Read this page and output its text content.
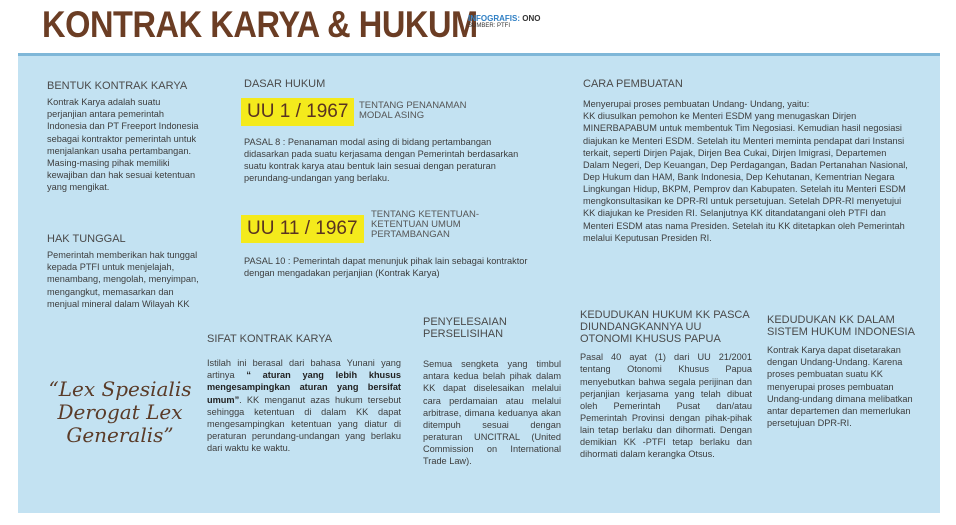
KONTRAK KARYA & HUKUM
INFOGRAFIS: ONO
SUMBER: PTFI
BENTUK KONTRAK KARYA
Kontrak Karya adalah suatu perjanjian antara pemerintah Indonesia dan PT Freeport Indonesia sebagai kontraktor pemerintah untuk menjalankan usaha pertambangan. Masing-masing pihak memiliki kewajiban dan hak sesuai ketentuan yang mengikat.
HAK TUNGGAL
Pemerintah memberikan hak tunggal kepada PTFI untuk menjelajah, menambang, mengolah, menyimpan, mengangkut, memasarkan dan menjual mineral dalam Wilayah KK
“Lex Spesialis Derogat Lex Generalis”
DASAR HUKUM
UU 1 / 1967	TENTANG PENANAMAN MODAL ASING
PASAL 8 : Penanaman modal asing di bidang pertambangan didasarkan pada suatu kerjasama dengan Pemerintah berdasarkan suatu kontrak karya atau bentuk lain sesuai dengan peraturan perundang-undangan yang berlaku.
UU 11 / 1967
TENTANG KETENTUAN-KETENTUAN UMUM PERTAMBANGAN
PASAL 10 : Pemerintah dapat menunjuk pihak lain sebagai kontraktor dengan mengadakan perjanjian (Kontrak Karya)
SIFAT KONTRAK KARYA
Istilah ini berasal dari bahasa Yunani yang artinya “ aturan yang lebih khusus mengesampingkan aturan yang bersifat umum”. KK menganut azas hukum tersebut sehingga ketentuan di dalam KK dapat mengesampingkan ketentuan yang diatur di peraturan perundang-undangan yang berlaku dari waktu ke waktu.
PENYELESAIAN PERSELISIHAN
Semua sengketa yang timbul antara kedua belah pihak dalam KK dapat diselesaikan melalui cara perdamaian atau melalui arbitrase, dimana keduanya akan ditempuh sesuai dengan peraturan UNCITRAL (United Commission on International Trade Law).
CARA PEMBUATAN
Menyerupai proses pembuatan Undang- Undang, yaitu:
KK diusulkan pemohon ke Menteri ESDM yang menugaskan Dirjen MINERBAPABUM untuk membentuk Tim Negosiasi. Kemudian hasil negosiasi diajukan ke Menteri ESDM. Setelah itu Menteri meminta pendapat dari Instansi terkait, seperti Dirjen Pajak, Dirjen Bea Cukai, Dirjen Imigrasi, Departemen Dalam Negeri, Dep Keuangan, Dep Perdagangan, Badan Pertanahan Nasional, Dep Hukum dan HAM, Bank Indonesia, Dep Kehutanan, Kementrian Negara Lingkungan Hidup, BKPM, Pemprov dan Kabupaten. Setelah itu Menteri ESDM mengkonsultasikan ke DPR-RI untuk persetujuan. Setelah DPR-RI menyetujui KK diajukan ke Presiden RI. Selanjutnya KK ditandatangani oleh PTFI dan Menteri ESDM atas nama Presiden. Setelah itu KK ditetapkan oleh Pemerintah melalui Keputusan Presiden RI.
KEDUDUKAN HUKUM KK PASCA DIUNDANGKANNYA UU OTONOMI KHUSUS PAPUA
Pasal 40 ayat (1) dari UU 21/2001 tentang Otonomi Khusus Papua menyebutkan bahwa segala perijinan dan perjanjian kerjasama yang telah dibuat oleh Pemerintah Pusat dan/atau Pemerintah Provinsi dengan pihak-pihak lain tetap berlaku dan dihormati. Dengan demikian KK -PTFI tetap berlaku dan dihormati dalam kerangka Otsus.
KEDUDUKAN KK DALAM SISTEM HUKUM INDONESIA
Kontrak Karya dapat disetarakan dengan Undang-Undang. Karena proses pembuatan suatu KK menyerupai proses pembuatan Undang-undang dimana melibatkan antar departemen dan memerlukan persetujuan DPR-RI.
